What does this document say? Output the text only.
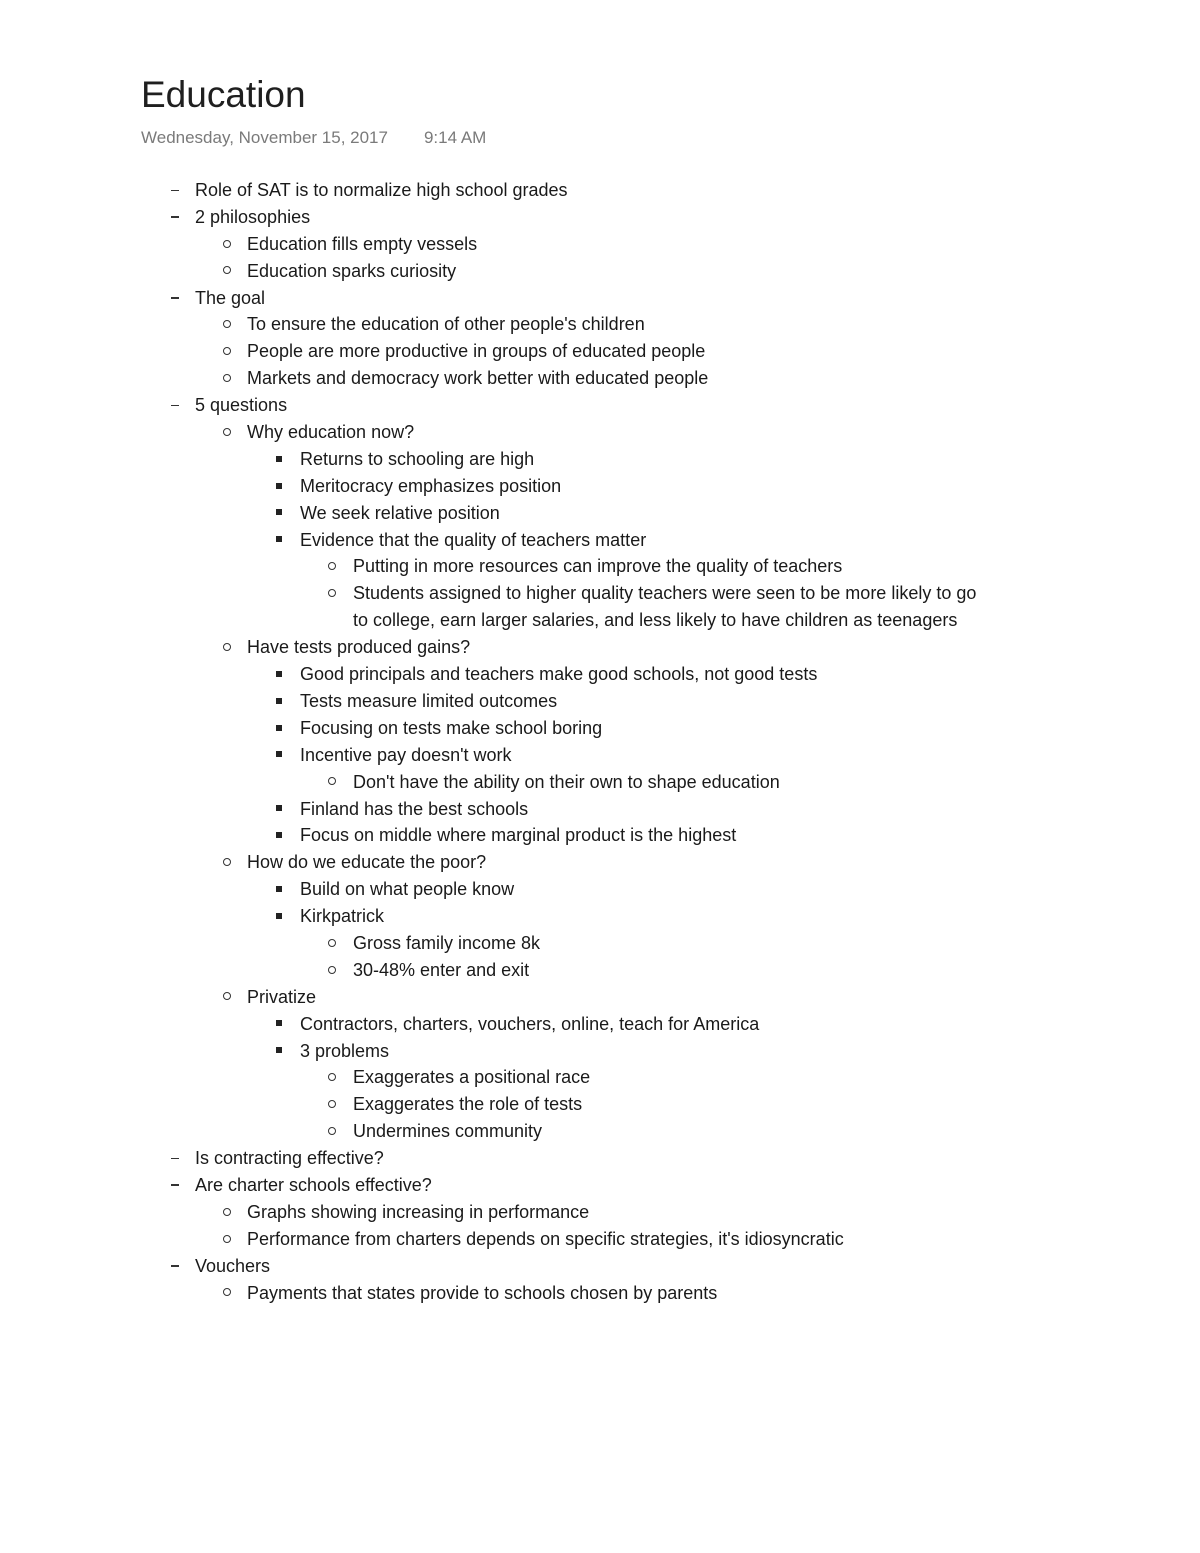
Education
Wednesday, November 15, 2017 9:14 AM
Role of SAT is to normalize high school grades
2 philosophies
Education fills empty vessels
Education sparks curiosity
The goal
To ensure the education of other people's children
People are more productive in groups of educated people
Markets and democracy work better with educated people
5 questions
Why education now?
Returns to schooling are high
Meritocracy emphasizes position
We seek relative position
Evidence that the quality of teachers matter
Putting in more resources can improve the quality of teachers
Students assigned to higher quality teachers were seen to be more likely to go
to college, earn larger salaries, and less likely to have children as teenagers
Have tests produced gains?
Good principals and teachers make good schools, not good tests
Tests measure limited outcomes
Focusing on tests make school boring
Incentive pay doesn't work
Don't have the ability on their own to shape education
Finland has the best schools
Focus on middle where marginal product is the highest
How do we educate the poor?
Build on what people know
Kirkpatrick
Gross family income 8k
30-48% enter and exit
Privatize
Contractors, charters, vouchers, online, teach for America
3 problems
Exaggerates a positional race
Exaggerates the role of tests
Undermines community
Is contracting effective?
Are charter schools effective?
Graphs showing increasing in performance
Performance from charters depends on specific strategies, it's idiosyncratic
Vouchers
Payments that states provide to schools chosen by parents
